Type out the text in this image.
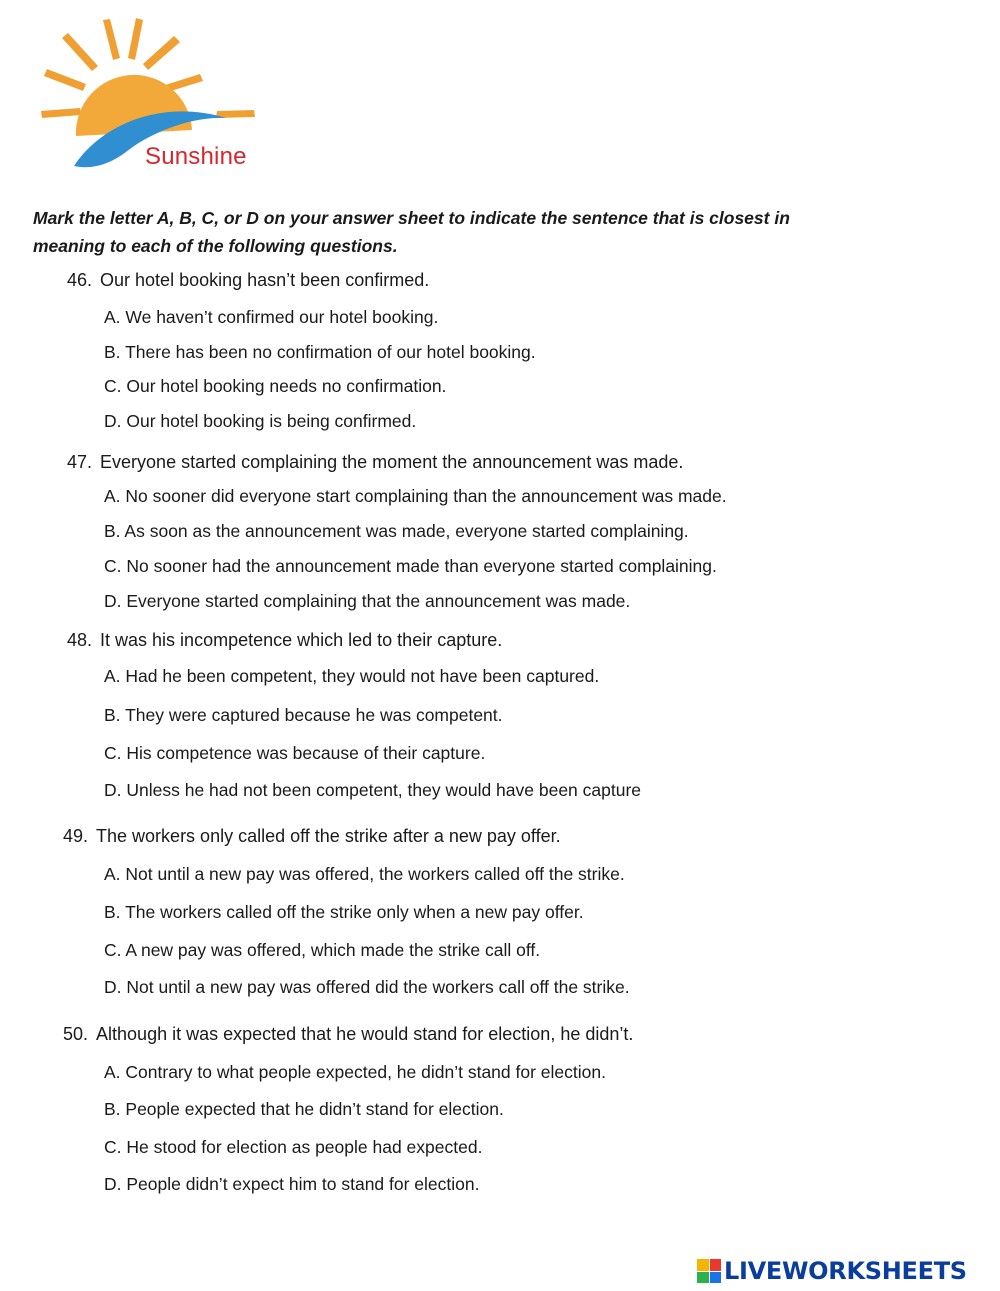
Sunshine
Mark the letter A, B, C, or D on your answer sheet to indicate the sentence that is closest in meaning to each of the following questions.
46. Our hotel booking hasn’t been confirmed.
A. We haven’t confirmed our hotel booking.
B. There has been no confirmation of our hotel booking.
C. Our hotel booking needs no confirmation.
D. Our hotel booking is being confirmed.
47. Everyone started complaining the moment the announcement was made.
A. No sooner did everyone start complaining than the announcement was made.
B. As soon as the announcement was made, everyone started complaining.
C. No sooner had the announcement made than everyone started complaining.
D. Everyone started complaining that the announcement was made.
48. It was his incompetence which led to their capture.
A. Had he been competent, they would not have been captured.
B. They were captured because he was competent.
C. His competence was because of their capture.
D. Unless he had not been competent, they would have been capture
49. The workers only called off the strike after a new pay offer.
A. Not until a new pay was offered, the workers called off the strike.
B. The workers called off the strike only when a new pay offer.
C. A new pay was offered, which made the strike call off.
D. Not until a new pay was offered did the workers call off the strike.
50. Although it was expected that he would stand for election, he didn’t.
A. Contrary to what people expected, he didn’t stand for election.
B. People expected that he didn’t stand for election.
C. He stood for election as people had expected.
D. People didn’t expect him to stand for election.
LIVEWORKSHEETS
